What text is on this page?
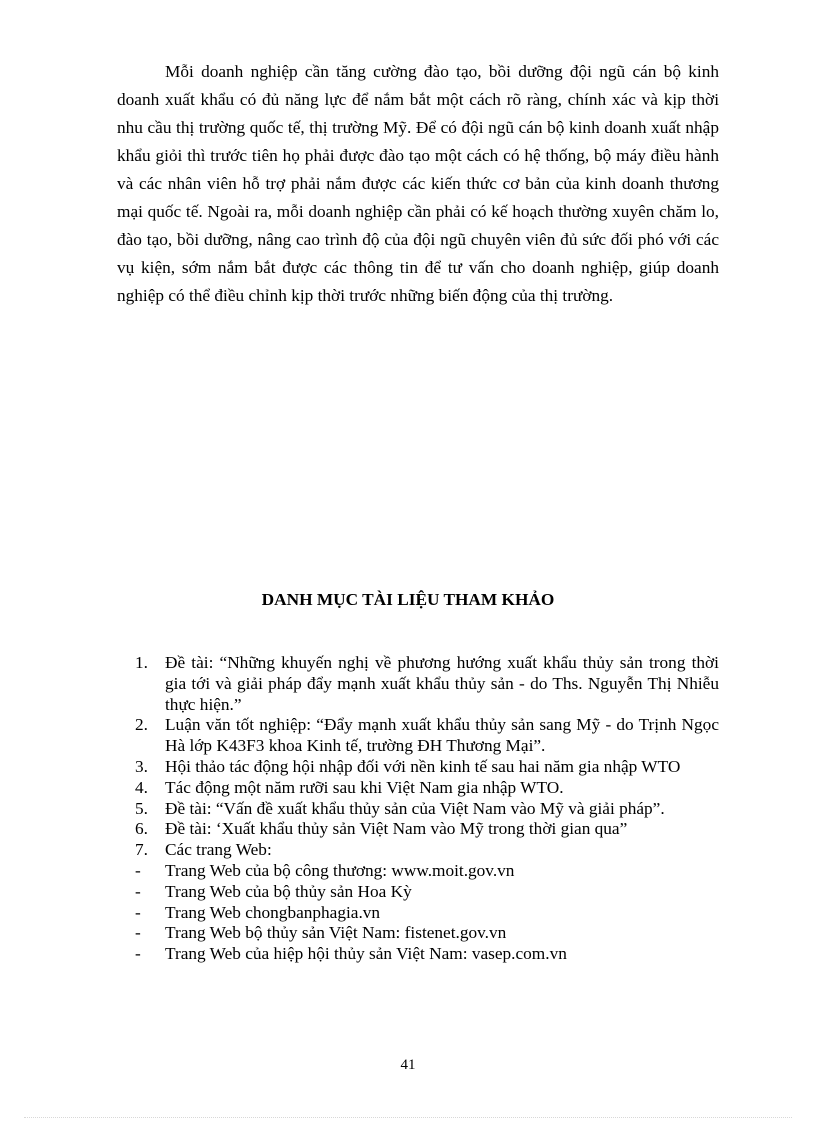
Mỗi doanh nghiệp cần tăng cường đào tạo, bồi dưỡng đội ngũ cán bộ kinh doanh xuất khẩu có đủ năng lực để nắm bắt một cách rõ ràng, chính xác và kịp thời nhu cầu thị trường quốc tế, thị trường Mỹ. Để có đội ngũ cán bộ kinh doanh xuất nhập khẩu giỏi thì trước tiên họ phải được đào tạo một cách có hệ thống, bộ máy điều hành và các nhân viên hỗ trợ phải nắm được các kiến thức cơ bản của kinh doanh thương mại quốc tế. Ngoài ra, mỗi doanh nghiệp cần phải có kế hoạch thường xuyên chăm lo, đào tạo, bồi dưỡng, nâng cao trình độ của đội ngũ chuyên viên đủ sức đối phó với các vụ kiện, sớm nắm bắt được các thông tin để tư vấn cho doanh nghiệp, giúp doanh nghiệp có thể điều chỉnh kịp thời trước những biến động của thị trường.

DANH MỤC TÀI LIỆU THAM KHẢO
1. Đề tài: “Những khuyến nghị về phương hướng xuất khẩu thủy sản trong thời gia tới và giải pháp đẩy mạnh xuất khẩu thủy sản - do Ths. Nguyễn Thị Nhiễu thực hiện.”
2. Luận văn tốt nghiệp: “Đẩy mạnh xuất khẩu thủy sản sang Mỹ - do Trịnh Ngọc Hà lớp K43F3 khoa Kinh tế, trường ĐH Thương Mại”.
3. Hội thảo tác động hội nhập đối với nền kinh tế sau hai năm gia nhập WTO
4. Tác động một năm rưỡi sau khi Việt Nam gia nhập WTO.
5. Đề tài: “Vấn đề xuất khẩu thủy sản của Việt Nam vào Mỹ và giải pháp”.
6. Đề tài: ‘Xuất khẩu thủy sản Việt Nam vào Mỹ trong thời gian qua”
7. Các trang Web:
-	Trang Web của bộ công thương: www.moit.gov.vn
-	Trang Web của bộ thủy sản Hoa Kỳ
-	Trang Web chongbanphagia.vn
-	Trang Web bộ thủy sản Việt Nam: fistenet.gov.vn
-	Trang Web của hiệp hội thủy sản Việt Nam: vasep.com.vn
41
